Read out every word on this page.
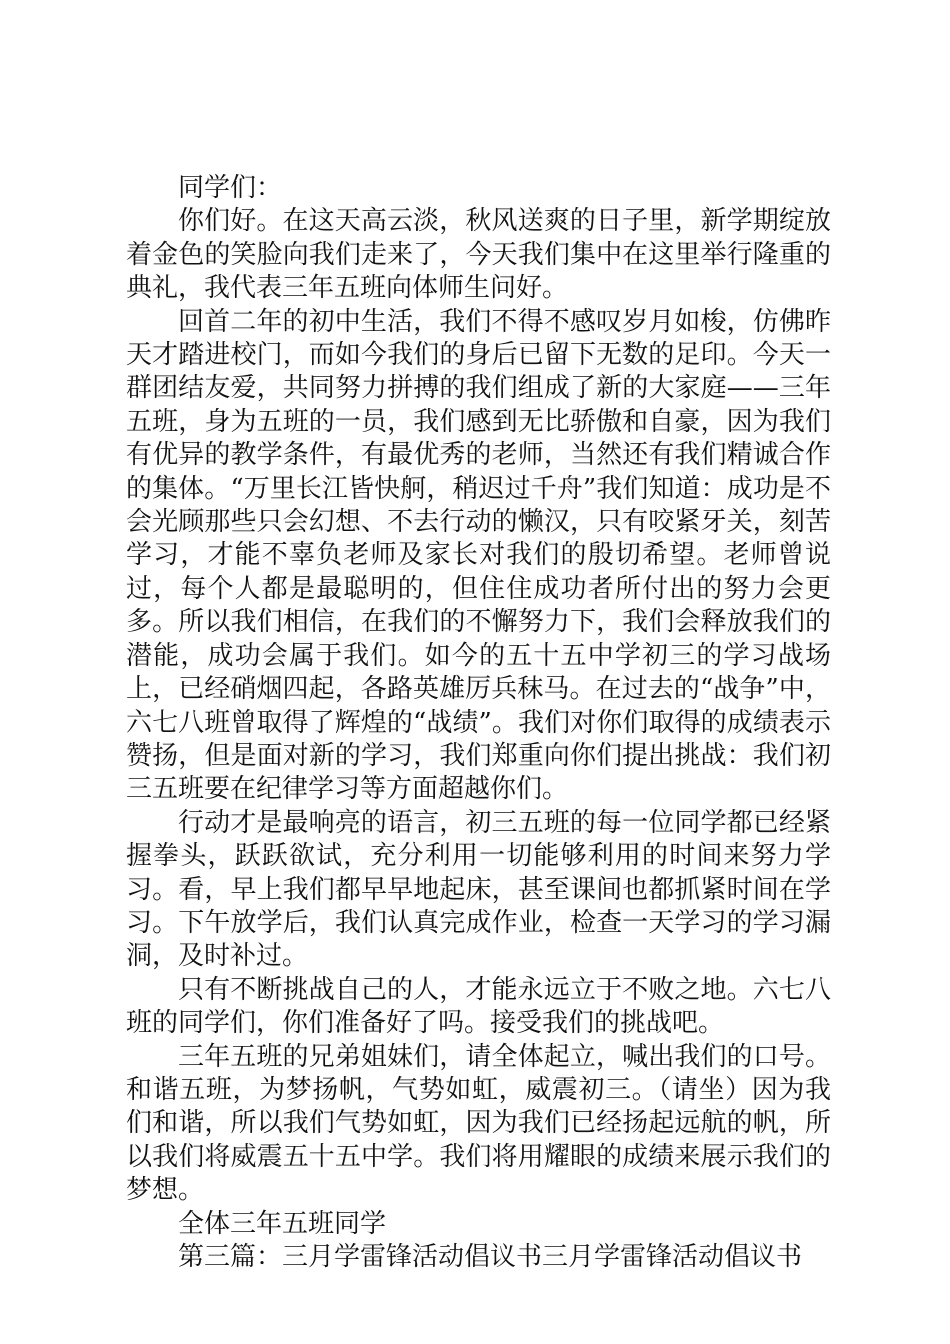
同学们：

你们好。在这天高云淡，秋风送爽的日子里，新学期绽放着金色的笑脸向我们走来了，今天我们集中在这里举行隆重的典礼，我代表三年五班向体师生问好。

回首二年的初中生活，我们不得不感叹岁月如梭，仿佛昨天才踏进校门，而如今我们的身后已留下无数的足印。今天一群团结友爱，共同努力拼搏的我们组成了新的大家庭——三年五班，身为五班的一员，我们感到无比骄傲和自豪，因为我们有优异的教学条件，有最优秀的老师，当然还有我们精诚合作的集体。“万里长江皆快舸，稍迟过千舟”我们知道：成功是不会光顾那些只会幻想、不去行动的懒汉，只有咬紧牙关，刻苦学习，才能不辜负老师及家长对我们的殷切希望。老师曾说过，每个人都是最聪明的，但住住成功者所付出的努力会更多。所以我们相信，在我们的不懈努力下，我们会释放我们的潜能，成功会属于我们。如今的五十五中学初三的学习战场上，已经硝烟四起，各路英雄厉兵秣马。在过去的“战争”中，六七八班曾取得了辉煌的“战绩”。我们对你们取得的成绩表示赞扬，但是面对新的学习，我们郑重向你们提出挑战：我们初三五班要在纪律学习等方面超越你们。

行动才是最响亮的语言，初三五班的每一位同学都已经紧握拳头，跃跃欲试，充分利用一切能够利用的时间来努力学习。看，早上我们都早早地起床，甚至课间也都抓紧时间在学习。下午放学后，我们认真完成作业，检查一天学习的学习漏洞，及时补过。

只有不断挑战自己的人，才能永远立于不败之地。六七八班的同学们，你们准备好了吗。接受我们的挑战吧。

三年五班的兄弟姐妹们，请全体起立，喊出我们的口号。和谐五班，为梦扬帆，气势如虹，威震初三。（请坐）因为我们和谐，所以我们气势如虹，因为我们已经扬起远航的帆，所以我们将威震五十五中学。我们将用耀眼的成绩来展示我们的梦想。

全体三年五班同学

第三篇：三月学雷锋活动倡议书三月学雷锋活动倡议书
